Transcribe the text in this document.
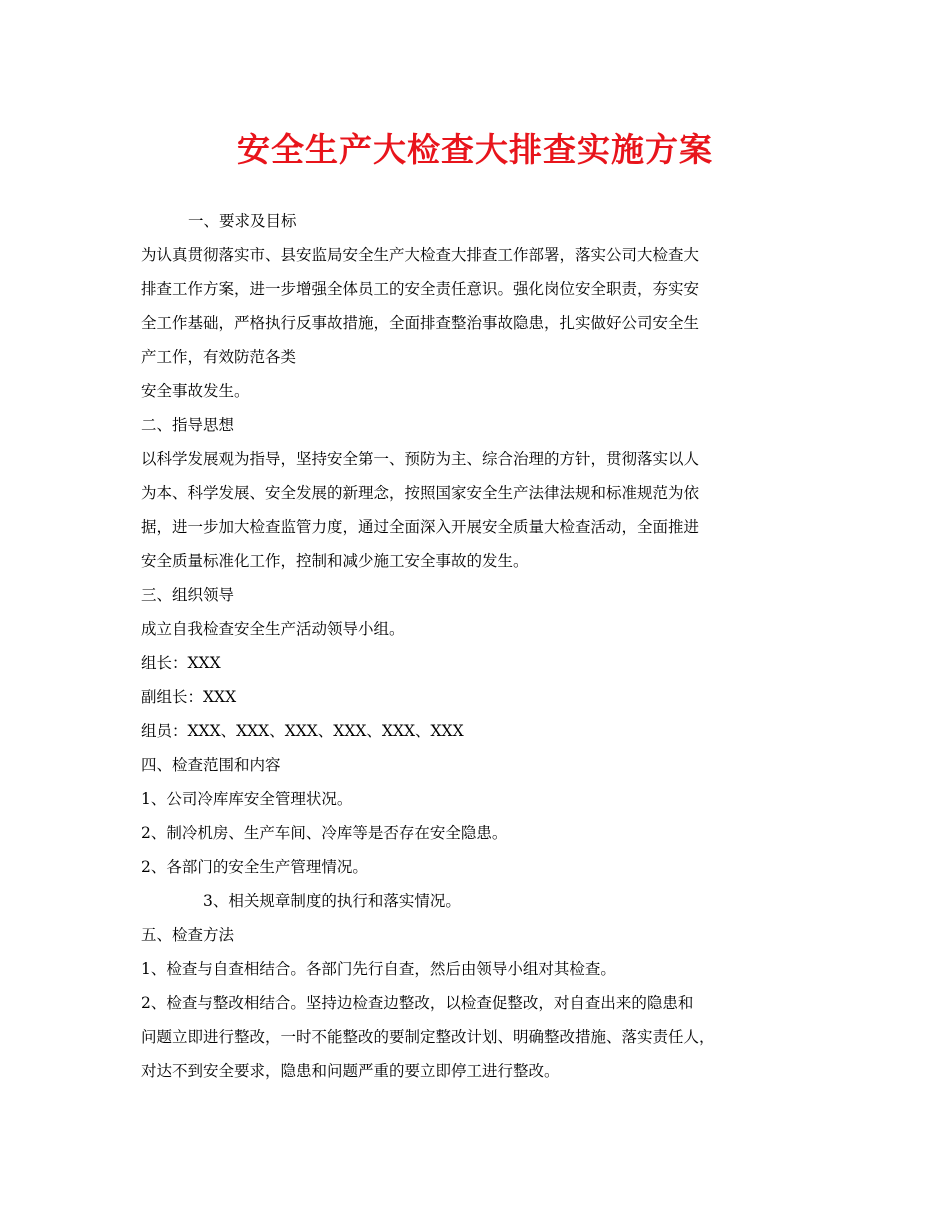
安全生产大检查大排查实施方案
一、要求及目标
为认真贯彻落实市、县安监局安全生产大检查大排查工作部署，落实公司大检查大
排查工作方案，进一步增强全体员工的安全责任意识。强化岗位安全职责，夯实安
全工作基础，严格执行反事故措施，全面排查整治事故隐患，扎实做好公司安全生
产工作，有效防范各类
安全事故发生。
二、指导思想
以科学发展观为指导，坚持安全第一、预防为主、综合治理的方针，贯彻落实以人
为本、科学发展、安全发展的新理念，按照国家安全生产法律法规和标准规范为依
据，进一步加大检查监管力度，通过全面深入开展安全质量大检查活动，全面推进
安全质量标准化工作，控制和减少施工安全事故的发生。
三、组织领导
成立自我检查安全生产活动领导小组。
组长：XXX
副组长：XXX
组员：XXX、XXX、XXX、XXX、XXX、XXX
四、检查范围和内容
1、公司冷库库安全管理状况。
2、制冷机房、生产车间、冷库等是否存在安全隐患。
2、各部门的安全生产管理情况。
3、相关规章制度的执行和落实情况。
五、检查方法
1、检查与自查相结合。各部门先行自查，然后由领导小组对其检查。
2、检查与整改相结合。坚持边检查边整改，以检查促整改，对自查出来的隐患和
问题立即进行整改，一时不能整改的要制定整改计划、明确整改措施、落实责任人，
对达不到安全要求，隐患和问题严重的要立即停工进行整改。
